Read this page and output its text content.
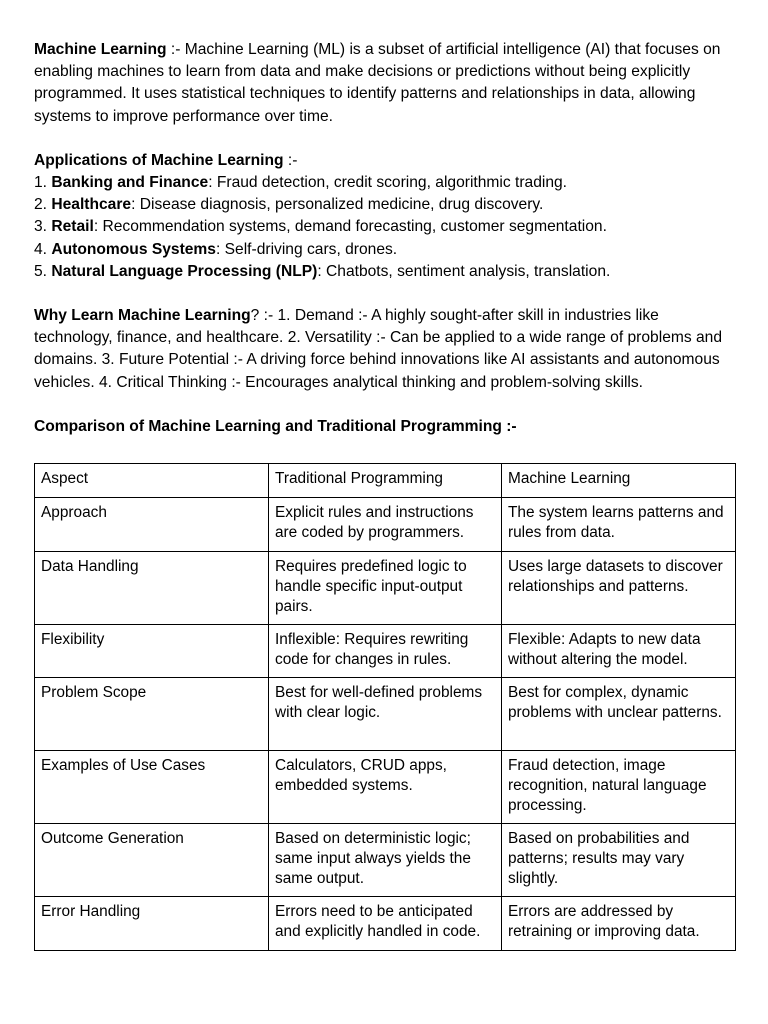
Machine Learning :- Machine Learning (ML) is a subset of artificial intelligence (AI) that focuses on enabling machines to learn from data and make decisions or predictions without being explicitly programmed. It uses statistical techniques to identify patterns and relationships in data, allowing systems to improve performance over time.

Applications of Machine Learning :-

1. Banking and Finance: Fraud detection, credit scoring, algorithmic trading.

2. Healthcare: Disease diagnosis, personalized medicine, drug discovery.

3. Retail: Recommendation systems, demand forecasting, customer segmentation.

4. Autonomous Systems: Self-driving cars, drones.

5. Natural Language Processing (NLP): Chatbots, sentiment analysis, translation.

Why Learn Machine Learning? :- 1. Demand :- A highly sought-after skill in industries like technology, finance, and healthcare. 2. Versatility :- Can be applied to a wide range of problems and domains. 3. Future Potential :- A driving force behind innovations like AI assistants and autonomous vehicles. 4. Critical Thinking :- Encourages analytical thinking and problem-solving skills.

Comparison of Machine Learning and Traditional Programming :-

Aspect	Traditional Programming	Machine Learning
Approach	Explicit rules and instructions are coded by programmers.	The system learns patterns and rules from data.
Data Handling	Requires predefined logic to handle specific input-output pairs.	Uses large datasets to discover relationships and patterns.
Flexibility	Inflexible: Requires rewriting code for changes in rules.	Flexible: Adapts to new data without altering the model.
Problem Scope	Best for well-defined problems with clear logic.	Best for complex, dynamic problems with unclear patterns.
Examples of Use Cases	Calculators, CRUD apps, embedded systems.	Fraud detection, image recognition, natural language processing.
Outcome Generation	Based on deterministic logic; same input always yields the same output.	Based on probabilities and patterns; results may vary slightly.
Error Handling	Errors need to be anticipated and explicitly handled in code.	Errors are addressed by retraining or improving data.
